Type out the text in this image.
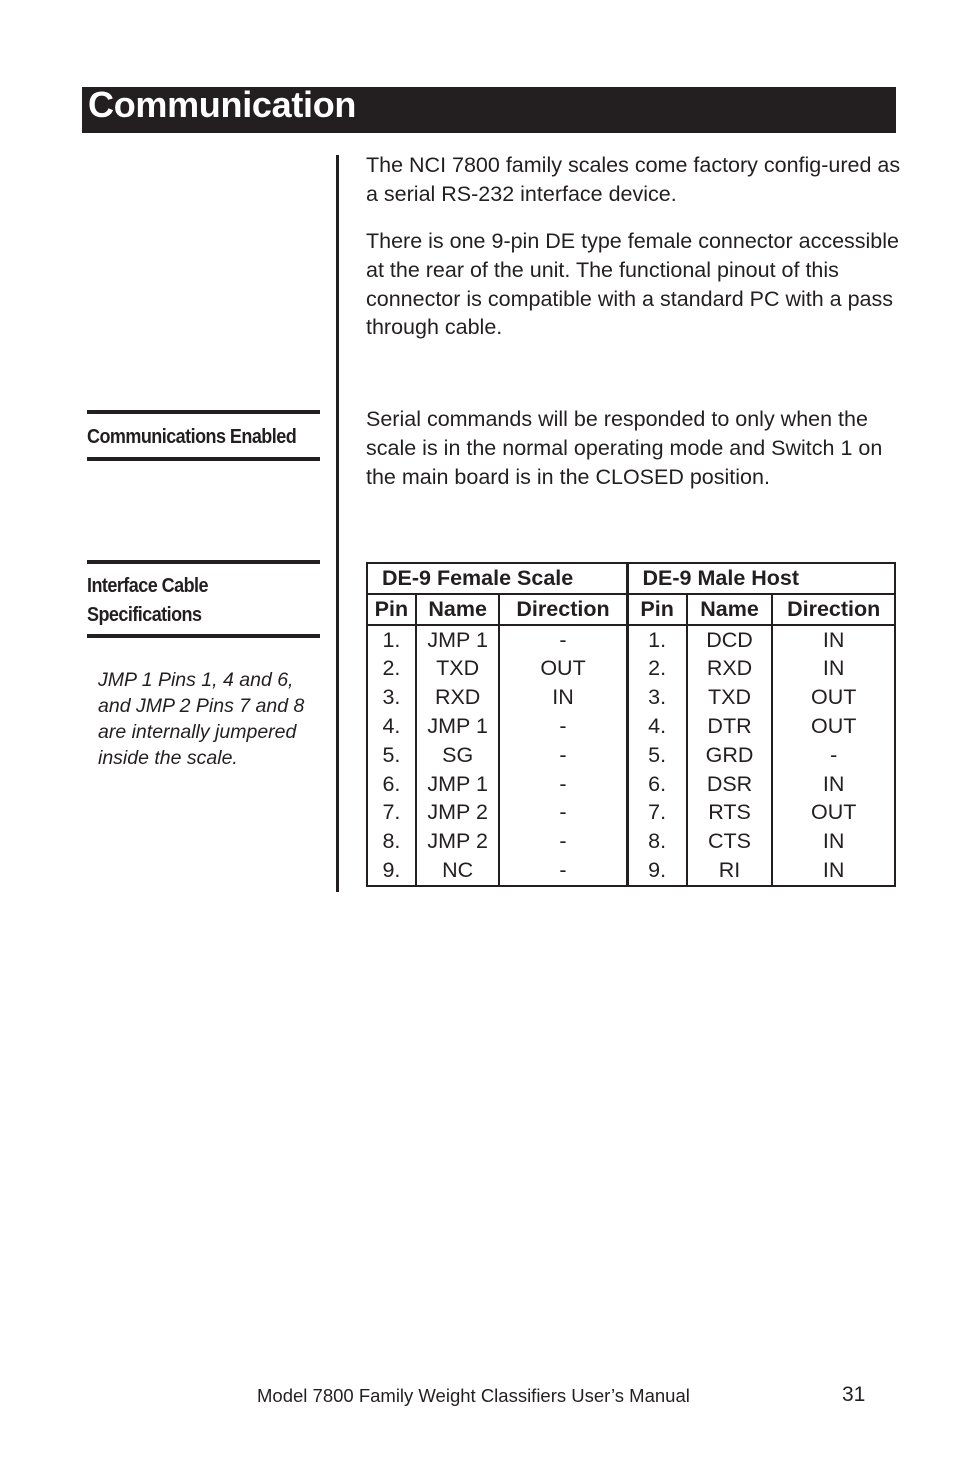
Communication

The NCI 7800 family scales come factory config-ured as a serial RS-232 interface device.

There is one 9-pin DE type female connector accessible at the rear of the unit. The functional pinout of this connector is compatible with a standard PC with a pass through cable.

Communications Enabled

Serial commands will be responded to only when the scale is in the normal operating mode and Switch 1 on the main board is in the CLOSED position.

Interface Cable
Specifications

JMP 1 Pins 1, 4 and 6, and JMP 2 Pins 7 and 8 are internally jumpered inside the scale.

DE-9 Female Scale			DE-9 Male Host		
Pin	Name	Direction	Pin	Name	Direction
1.	JMP 1	-	1.	DCD	IN
2.	TXD	OUT	2.	RXD	IN
3.	RXD	IN	3.	TXD	OUT
4.	JMP 1	-	4.	DTR	OUT
5.	SG	-	5.	GRD	-
6.	JMP 1	-	6.	DSR	IN
7.	JMP 2	-	7.	RTS	OUT
8.	JMP 2	-	8.	CTS	IN
9.	NC	-	9.	RI	IN
Model 7800 Family Weight Classifiers User’s Manual	31
